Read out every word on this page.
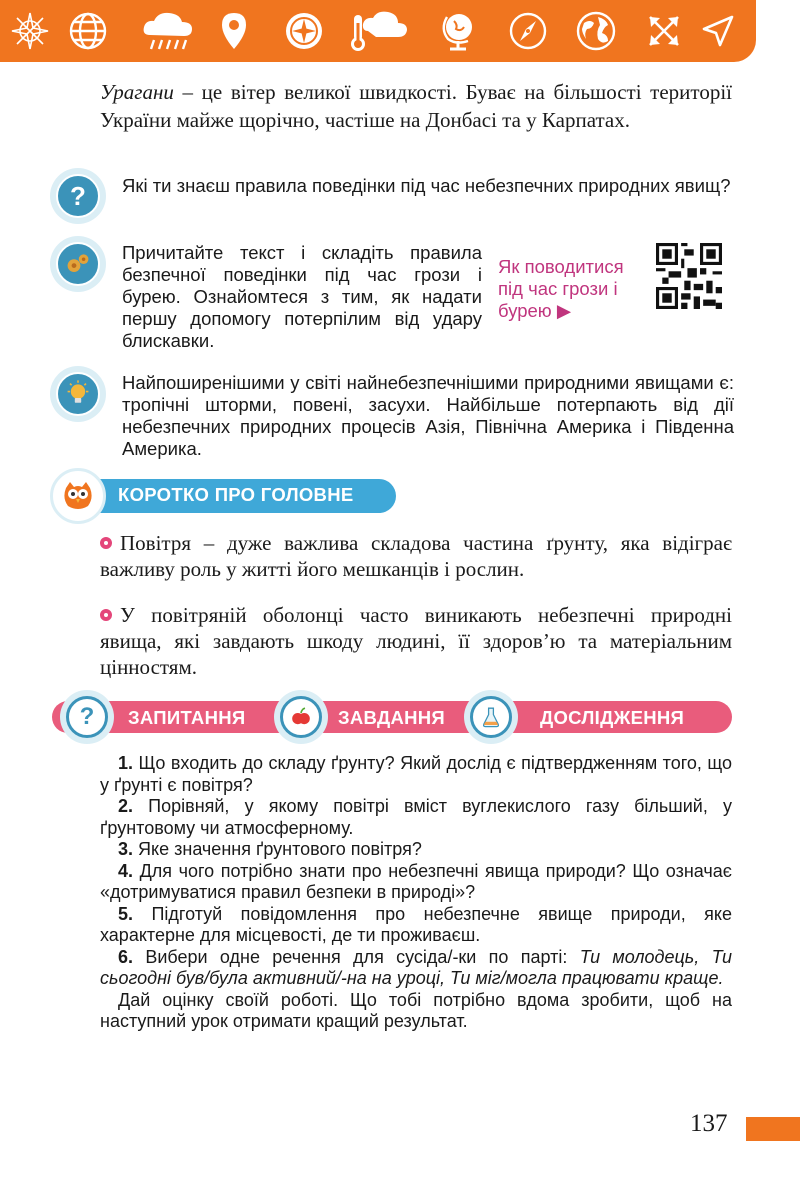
Урагани – це вітер великої швидкості. Буває на більшості території України майже щорічно, частіше на Донбасі та у Карпатах.

? Які ти знаєш правила поведінки під час небезпечних природних явищ?
Причитайте текст і складіть правила безпечної поведінки під час грози і бурею. Ознайомтеся з тим, як надати першу допомогу потерпілим від удару блискавки.
Як поводитися під час грози і бурею ▶
Найпоширенішими у світі найнебезпечнішими природними явищами є: тропічні шторми, повені, засухи. Найбільше потерпають від дії небезпечних природних процесів Азія, Північна Америка і Південна Америка.
КОРОТКО ПРО ГОЛОВНЕ

Повітря – дуже важлива складова частина ґрунту, яка відіграє важливу роль у житті його мешканців і рослин.

У повітряній оболонці часто виникають небезпечні природні явища, які завдають шкоду людині, її здоров’ю та матеріальним цінностям.

? ЗАПИТАННЯ	ЗАВДАННЯ	ДОСЛІДЖЕННЯ

1. Що входить до складу ґрунту? Який дослід є підтвердженням того, що у ґрунті є повітря?

2. Порівняй, у якому повітрі вміст вуглекислого газу більший, у ґрунтовому чи атмосферному.

3. Яке значення ґрунтового повітря?

4. Для чого потрібно знати про небезпечні явища природи? Що означає «дотримуватися правил безпеки в природі»?

5. Підготуй повідомлення про небезпечне явище природи, яке характерне для місцевості, де ти проживаєш.

6. Вибери одне речення для сусіда/-ки по парті: Ти молодець, Ти сьогодні був/була активний/-на на уроці, Ти міг/могла працювати краще.

Дай оцінку своїй роботі. Що тобі потрібно вдома зробити, щоб на наступний урок отримати кращий результат.

137
